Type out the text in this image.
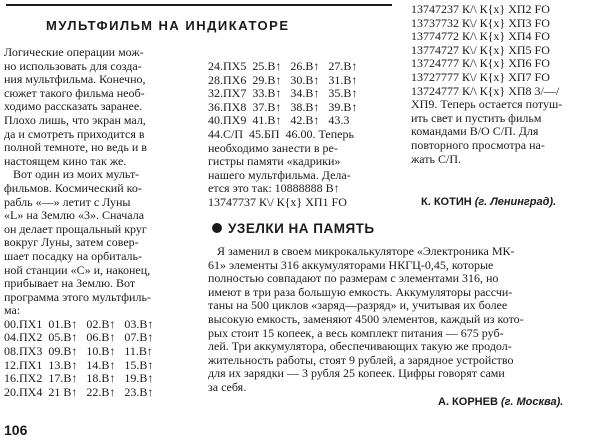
МУЛЬТФИЛЬМ НА ИНДИКАТОРЕ
Логические операции мож-
но использовать для созда-
ния мультфильма. Конечно,
сюжет такого фильма необ-
ходимо рассказать заранее.
Плохо лишь, что экран мал,
да и смотреть приходится в
полной темноте, но ведь и в
настоящем кино так же.
Вот один из моих мульт-
фильмов. Космический ко-
рабль «—» летит с Луны
«L» на Землю «3». Сначала
он делает прощальный круг
вокруг Луны, затем совер-
шает посадку на орбиталь-
ной станции «С» и, наконец,
прибывает на Землю. Вот
программа этого мультфиль-
ма:
00.ПХ1  01.В↑   02.В↑   03.В↑
04.ПХ2  05.В↑   06.В↑   07.В↑
08.ПХ3  09.В↑   10.В↑   11.В↑
12.ПХ1  13.В↑   14.В↑   15.В↑
16.ПХ2  17.В↑   18.В↑   19.В↑
20.ПХ4  21 В↑   22.В↑   23.В↑
24.ПХ5  25.В↑   26.В↑   27.В↑
28.ПХ6  29.В↑   30.В↑   31.В↑
32.ПХ7  33.В↑   34.В↑   35.В↑
36.ПХ8  37.В↑   38.В↑   39.В↑
40.ПХ9  41.В↑   42.В↑   43.3
44.С/П  45.БП  46.00. Теперь
необходимо занести в ре-
гистры памяти «кадрики»
нашего мультфильма. Дела-
ется это так: 10888888 В↑
13747737 К\/ К{x} ХП1 FO
13747237 К/\ К{x} ХП2 FO
13737732 К\/ К{x} ХП3 FO
13774772 К/\ К{x} ХП4 FO
13774727 К\/ К{x} ХП5 FO
13724777 К/\ К{x} ХП6 FO
13727777 К\/ К{x} ХП7 FO
13724777 К/\ К{x} ХП8 3/—/
ХП9. Теперь остается потуш-
ить свет и пустить фильм
командами В/О С/П. Для
повторного просмотра на-
жать С/П.
К. КОТИН (г. Ленинград).
УЗЕЛКИ НА ПАМЯТЬ
Я заменил в своем микрокалькуляторе «Электроника МК-
61» элементы 316 аккумуляторами НКГЦ-0,45, которые
полностью совпадают по размерам с элементами 316, но
имеют в три раза большую емкость. Аккумуляторы рассчи-
таны на 500 циклов «заряд—разряд» и, учитывая их более
высокую емкость, заменяют 4500 элементов, каждый из кото-
рых стоит 15 копеек, а весь комплект питания — 675 руб-
лей. Три аккумулятора, обеспечивающих такую же продол-
жительность работы, стоят 9 рублей, а зарядное устройство
для их зарядки — 3 рубля 25 копеек. Цифры говорят сами
за себя.
А. КОРНЕВ (г. Москва).
106
